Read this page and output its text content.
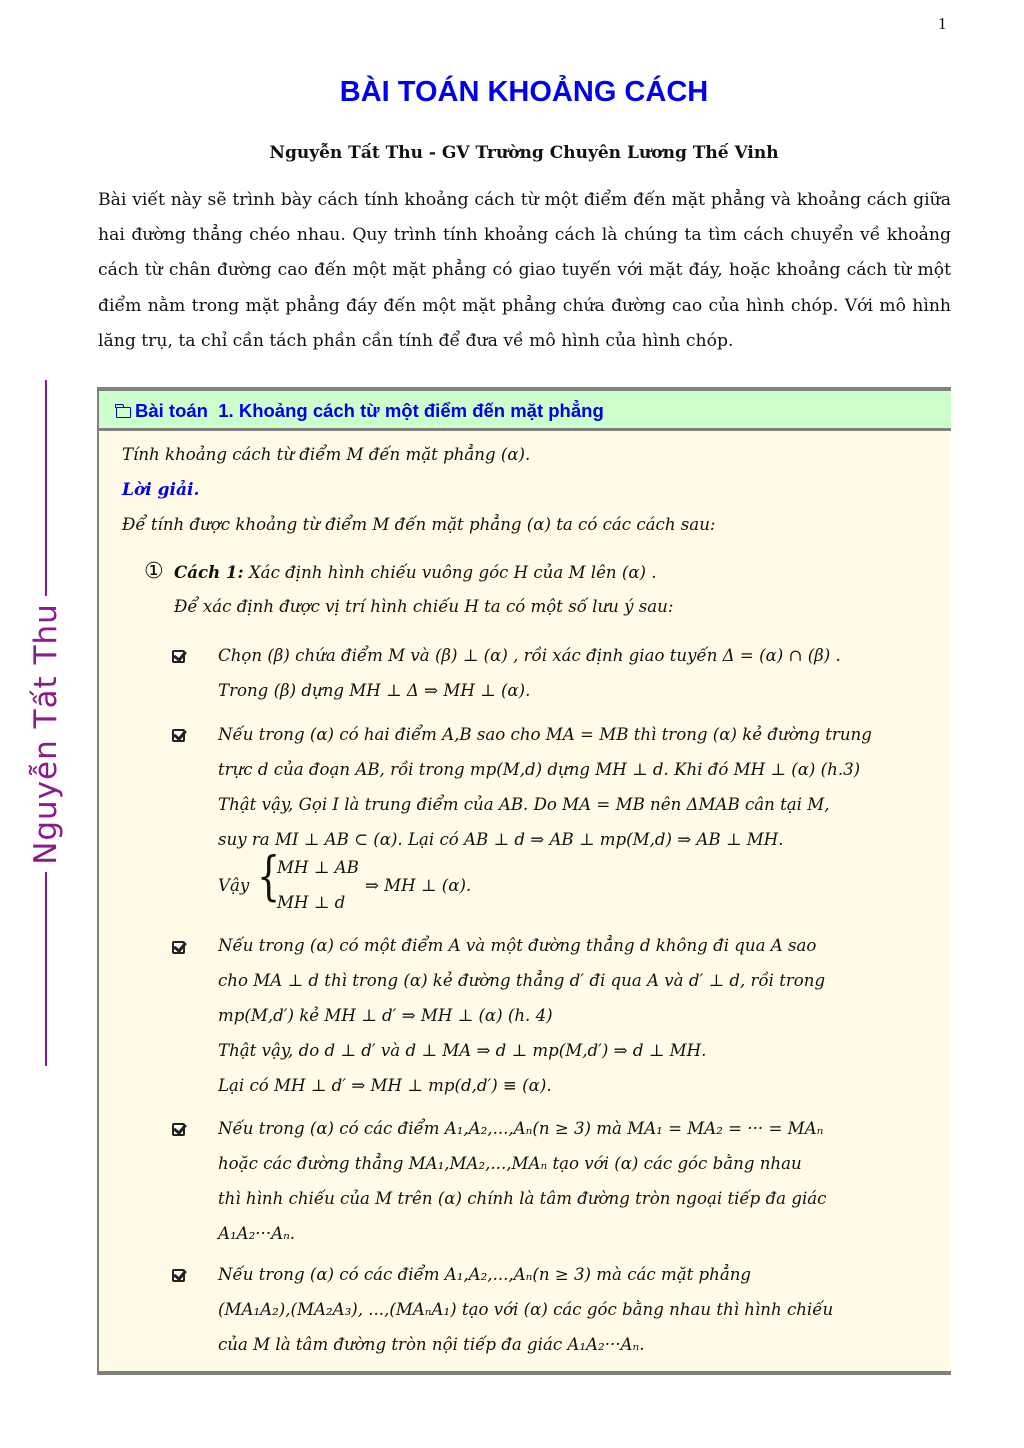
1
BÀI TOÁN KHOẢNG CÁCH
Nguyễn Tất Thu - GV Trường Chuyên Lương Thế Vinh
Bài viết này sẽ trình bày cách tính khoảng cách từ một điểm đến mặt phẳng và khoảng cách giữa hai đường thẳng chéo nhau. Quy trình tính khoảng cách là chúng ta tìm cách chuyển về khoảng cách từ chân đường cao đến một mặt phẳng có giao tuyến với mặt đáy, hoặc khoảng cách từ một điểm nằm trong mặt phẳng đáy đến một mặt phẳng chứa đường cao của hình chóp. Với mô hình lăng trụ, ta chỉ cần tách phần cần tính để đưa về mô hình của hình chóp.
Nguyễn Tất Thu
Bài toán  1. Khoảng cách từ một điểm đến mặt phẳng
Tính khoảng cách từ điểm M đến mặt phẳng (α).
Lời giải.
Để tính được khoảng từ điểm M đến mặt phẳng (α) ta có các cách sau:
① Cách 1: Xác định hình chiếu vuông góc H của M lên (α) .
Để xác định được vị trí hình chiếu H ta có một số lưu ý sau:
Chọn (β) chứa điểm M và (β) ⊥ (α) , rồi xác định giao tuyến Δ = (α) ∩ (β) .
Trong (β) dựng MH ⊥ Δ ⇒ MH ⊥ (α).
Nếu trong (α) có hai điểm A,B sao cho MA = MB thì trong (α) kẻ đường trung
trực d của đoạn AB, rồi trong mp(M,d) dựng MH ⊥ d. Khi đó MH ⊥ (α) (h.3)
Thật vậy, Gọi I là trung điểm của AB. Do MA = MB nên ΔMAB cân tại M,
suy ra MI ⊥ AB ⊂ (α). Lại có AB ⊥ d ⇒ AB ⊥ mp(M,d) ⇒ AB ⊥ MH.
Vậy {
MH ⊥ AB
MH ⊥ d
⇒ MH ⊥ (α).
Nếu trong (α) có một điểm A và một đường thẳng d không đi qua A sao
cho MA ⊥ d thì trong (α) kẻ đường thẳng d′ đi qua A và d′ ⊥ d, rồi trong
mp(M,d′) kẻ MH ⊥ d′ ⇒ MH ⊥ (α) (h. 4)
Thật vậy, do d ⊥ d′ và d ⊥ MA ⇒ d ⊥ mp(M,d′) ⇒ d ⊥ MH.
Lại có MH ⊥ d′ ⇒ MH ⊥ mp(d,d′) ≡ (α).
Nếu trong (α) có các điểm A₁,A₂,...,Aₙ(n ≥ 3) mà MA₁ = MA₂ = ··· = MAₙ
hoặc các đường thẳng MA₁,MA₂,...,MAₙ tạo với (α) các góc bằng nhau
thì hình chiếu của M trên (α) chính là tâm đường tròn ngoại tiếp đa giác
A₁A₂···Aₙ.
Nếu trong (α) có các điểm A₁,A₂,...,Aₙ(n ≥ 3) mà các mặt phẳng
(MA₁A₂),(MA₂A₃), ...,(MAₙA₁) tạo với (α) các góc bằng nhau thì hình chiếu
của M là tâm đường tròn nội tiếp đa giác A₁A₂···Aₙ.
